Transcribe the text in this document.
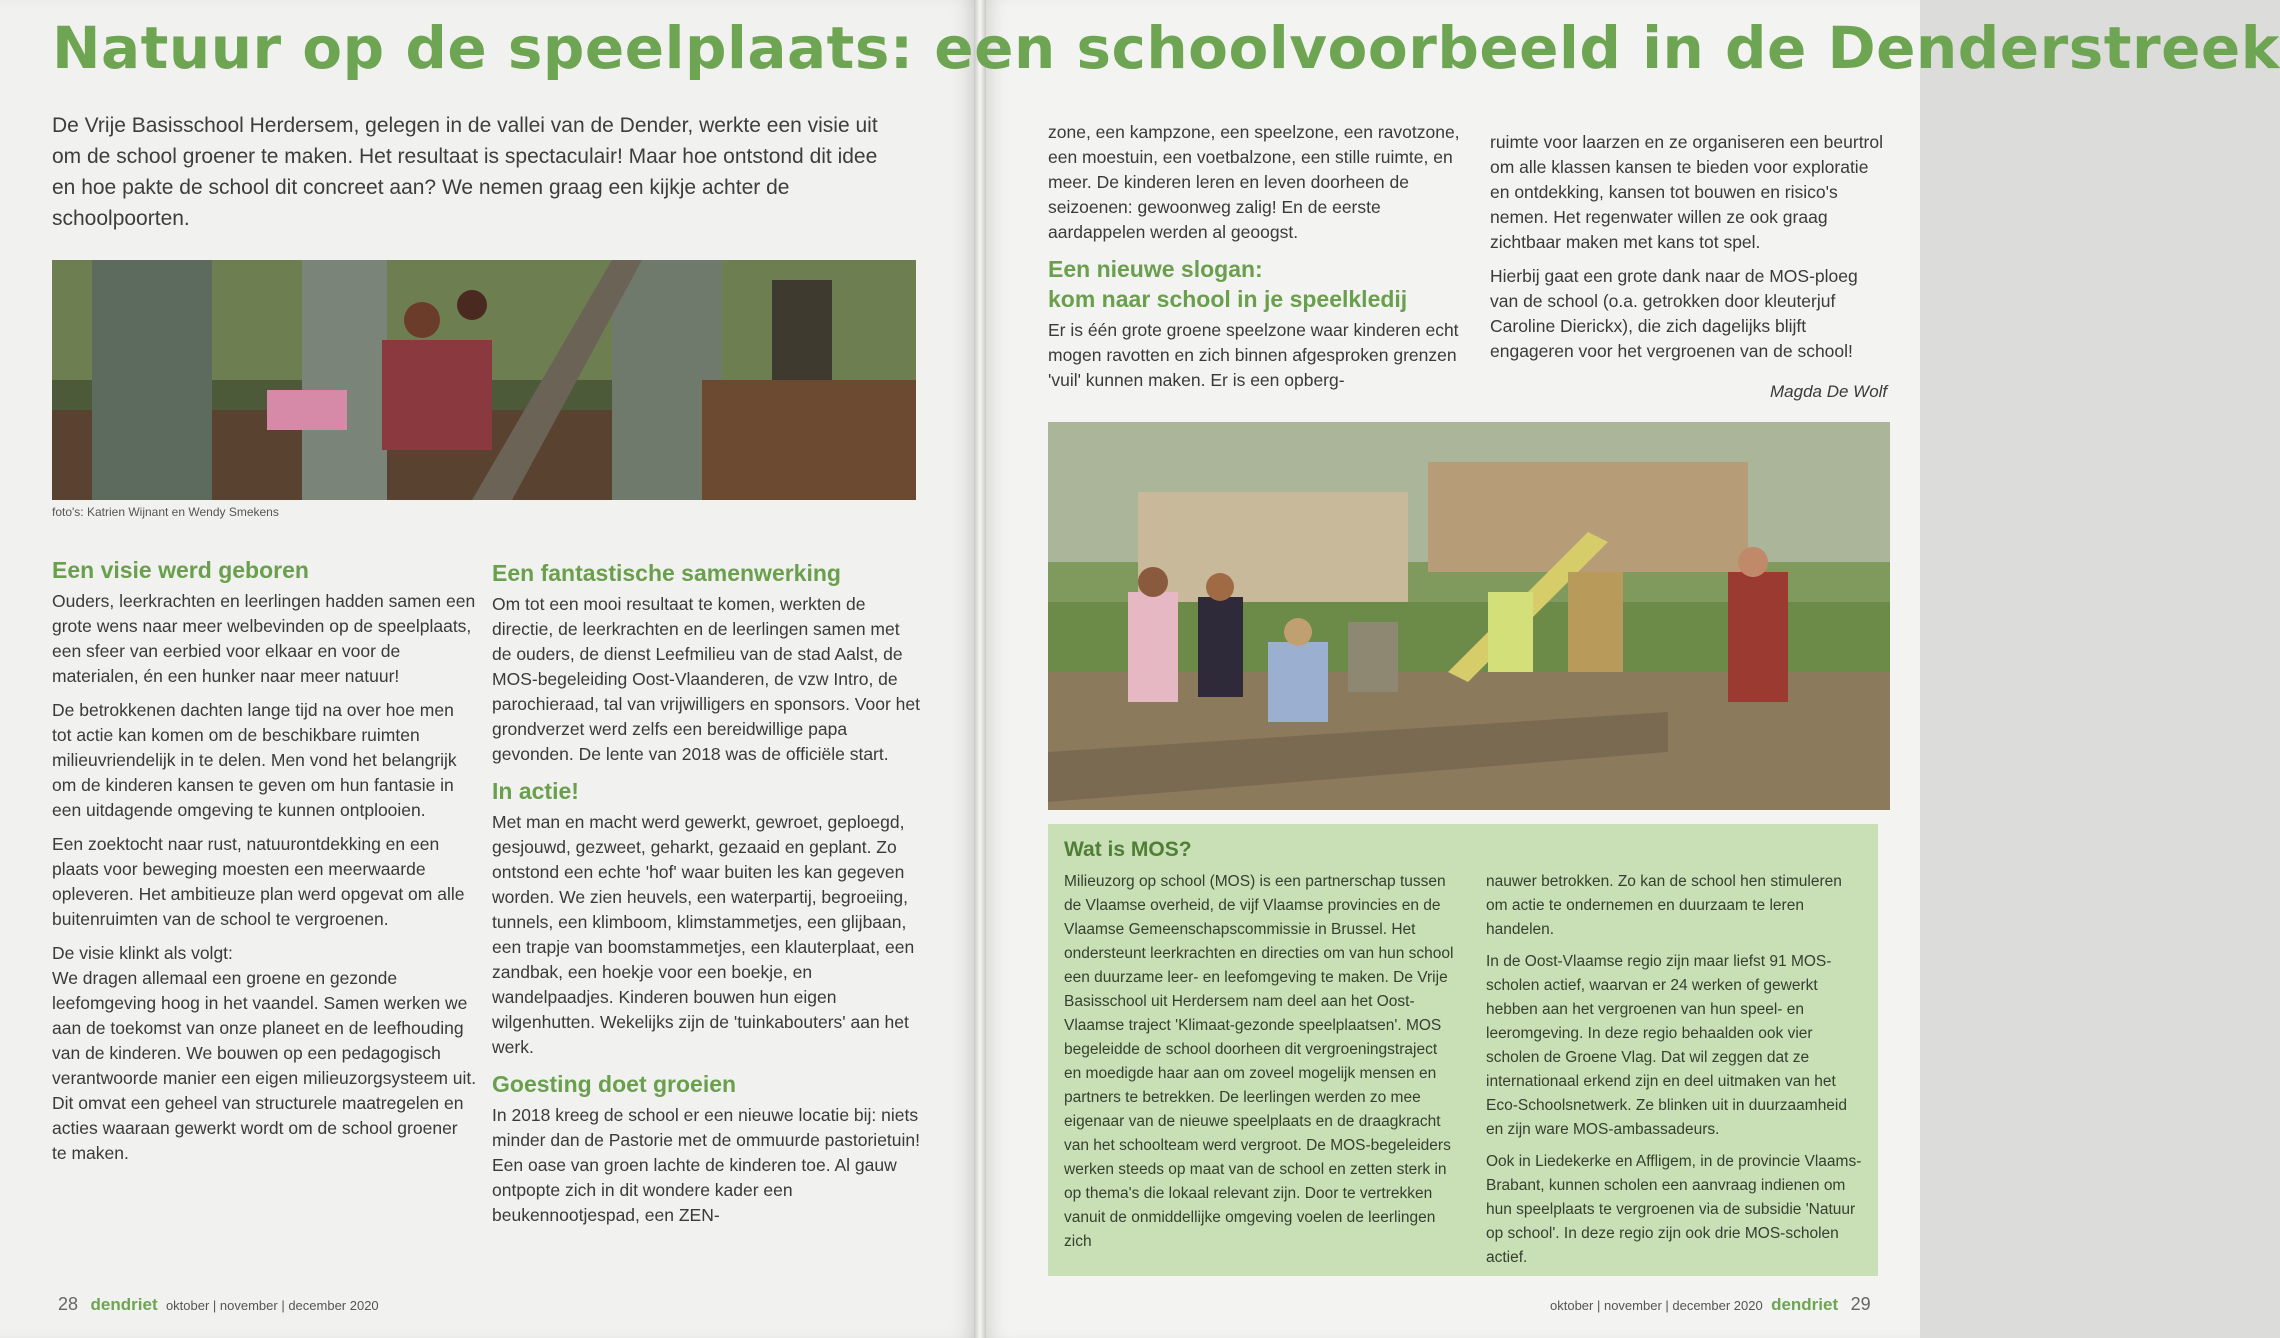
Natuur op de speelplaats: een schoolvoorbeeld in de Denderstreek

De Vrije Basisschool Herdersem, gelegen in de vallei van de Dender, werkte een visie uit om de school groener te maken. Het resultaat is spectaculair! Maar hoe ontstond dit idee en hoe pakte de school dit concreet aan? We nemen graag een kijkje achter de schoolpoorten.

foto's: Katrien Wijnant en Wendy Smekens
Een visie werd geboren

Ouders, leerkrachten en leerlingen hadden samen een grote wens naar meer welbevinden op de speelplaats, een sfeer van eerbied voor elkaar en voor de materialen, én een hunker naar meer natuur!

De betrokkenen dachten lange tijd na over hoe men tot actie kan komen om de beschikbare ruimten milieuvriendelijk in te delen. Men vond het belangrijk om de kinderen kansen te geven om hun fantasie in een uitdagende omgeving te kunnen ontplooien.

Een zoektocht naar rust, natuurontdekking en een plaats voor beweging moesten een meerwaarde opleveren. Het ambitieuze plan werd opgevat om alle buitenruimten van de school te vergroenen.

De visie klinkt als volgt:

We dragen allemaal een groene en gezonde leefomgeving hoog in het vaandel. Samen werken we aan de toekomst van onze planeet en de leefhouding van de kinderen. We bouwen op een pedagogisch verantwoorde manier een eigen milieuzorgsysteem uit. Dit omvat een geheel van structurele maatregelen en acties waaraan gewerkt wordt om de school groener te maken.

Een fantastische samenwerking

Om tot een mooi resultaat te komen, werkten de directie, de leerkrachten en de leerlingen samen met de ouders, de dienst Leefmilieu van de stad Aalst, de MOS-begeleiding Oost-Vlaanderen, de vzw Intro, de parochieraad, tal van vrijwilligers en sponsors. Voor het grondverzet werd zelfs een bereidwillige papa gevonden. De lente van 2018 was de officiële start.

In actie!

Met man en macht werd gewerkt, gewroet, geploegd, gesjouwd, gezweet, geharkt, gezaaid en geplant. Zo ontstond een echte 'hof' waar buiten les kan gegeven worden. We zien heuvels, een waterpartij, begroeiing, tunnels, een klimboom, klimstammetjes, een glijbaan, een trapje van boomstammetjes, een klauterplaat, een zandbak, een hoekje voor een boekje, en wandelpaadjes. Kinderen bouwen hun eigen wilgenhutten. Wekelijks zijn de 'tuinkabouters' aan het werk.

Goesting doet groeien

In 2018 kreeg de school er een nieuwe locatie bij: niets minder dan de Pastorie met de ommuurde pastorietuin! Een oase van groen lachte de kinderen toe. Al gauw ontpopte zich in dit wondere kader een beukennootjespad, een ZEN-

zone, een kampzone, een speelzone, een ravotzone, een moestuin, een voetbalzone, een stille ruimte, en meer. De kinderen leren en leven doorheen de seizoenen: gewoonweg zalig! En de eerste aardappelen werden al geoogst.

Een nieuwe slogan:
kom naar school in je speelkledij

Er is één grote groene speelzone waar kinderen echt mogen ravotten en zich binnen afgesproken grenzen 'vuil' kunnen maken. Er is een opberg-

ruimte voor laarzen en ze organiseren een beurtrol om alle klassen kansen te bieden voor exploratie en ontdekking, kansen tot bouwen en risico's nemen. Het regenwater willen ze ook graag zichtbaar maken met kans tot spel.

Hierbij gaat een grote dank naar de MOS-ploeg van de school (o.a. getrokken door kleuterjuf Caroline Dierickx), die zich dagelijks blijft engageren voor het vergroenen van de school!

Magda De Wolf
Wat is MOS?

Milieuzorg op school (MOS) is een partnerschap tussen de Vlaamse overheid, de vijf Vlaamse provincies en de Vlaamse Gemeenschapscommissie in Brussel. Het ondersteunt leerkrachten en directies om van hun school een duurzame leer- en leefomgeving te maken. De Vrije Basisschool uit Herdersem nam deel aan het Oost-Vlaamse traject 'Klimaat-gezonde speelplaatsen'. MOS begeleidde de school doorheen dit vergroeningstraject en moedigde haar aan om zoveel mogelijk mensen en partners te betrekken. De leerlingen werden zo mee eigenaar van de nieuwe speelplaats en de draagkracht van het schoolteam werd vergroot. De MOS-begeleiders werken steeds op maat van de school en zetten sterk in op thema's die lokaal relevant zijn. Door te vertrekken vanuit de onmiddellijke omgeving voelen de leerlingen zich

nauwer betrokken. Zo kan de school hen stimuleren om actie te ondernemen en duurzaam te leren handelen.

In de Oost-Vlaamse regio zijn maar liefst 91 MOS-scholen actief, waarvan er 24 werken of gewerkt hebben aan het vergroenen van hun speel- en leeromgeving. In deze regio behaalden ook vier scholen de Groene Vlag. Dat wil zeggen dat ze internationaal erkend zijn en deel uitmaken van het Eco-Schoolsnetwerk. Ze blinken uit in duurzaamheid en zijn ware MOS-ambassadeurs.

Ook in Liedekerke en Affligem, in de provincie Vlaams-Brabant, kunnen scholen een aanvraag indienen om hun speelplaats te vergroenen via de subsidie 'Natuur op school'. In deze regio zijn ook drie MOS-scholen actief.

28 dendriet oktober | november | december 2020	oktober | november | december 2020 dendriet 29
